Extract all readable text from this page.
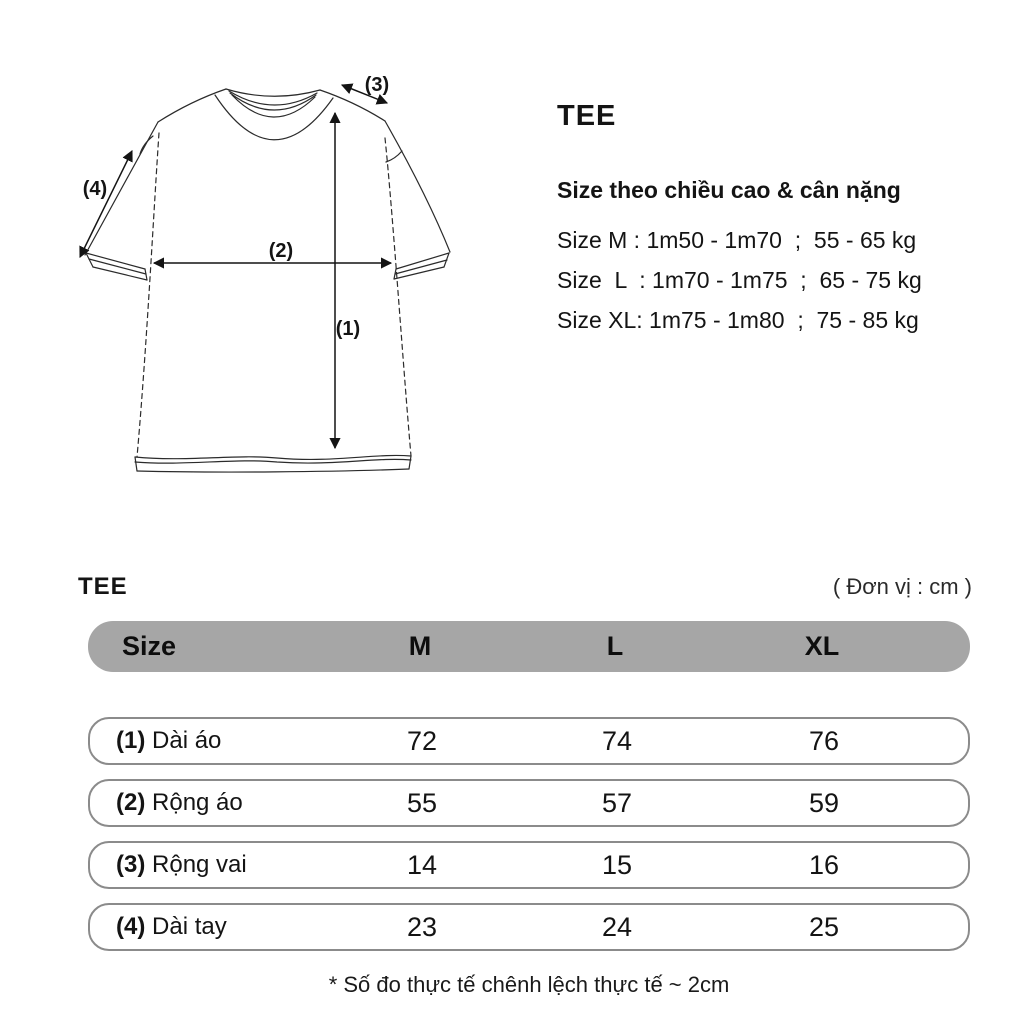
(1)
(2)
(3)
(4)
TEE
Size theo chiều cao & cân nặng
Size M : 1m50 - 1m70  ;  55 - 65 kg
Size  L  : 1m70 - 1m75  ;  65 - 75 kg
Size XL: 1m75 - 1m80  ;  75 - 85 kg
TEE	( Đơn vị : cm )
Size	M	L	XL
(1) Dài áo	72	74	76
(2) Rộng áo	55	57	59
(3) Rộng vai	14	15	16
(4) Dài tay	23	24	25
* Số đo thực tế chênh lệch thực tế ~ 2cm
